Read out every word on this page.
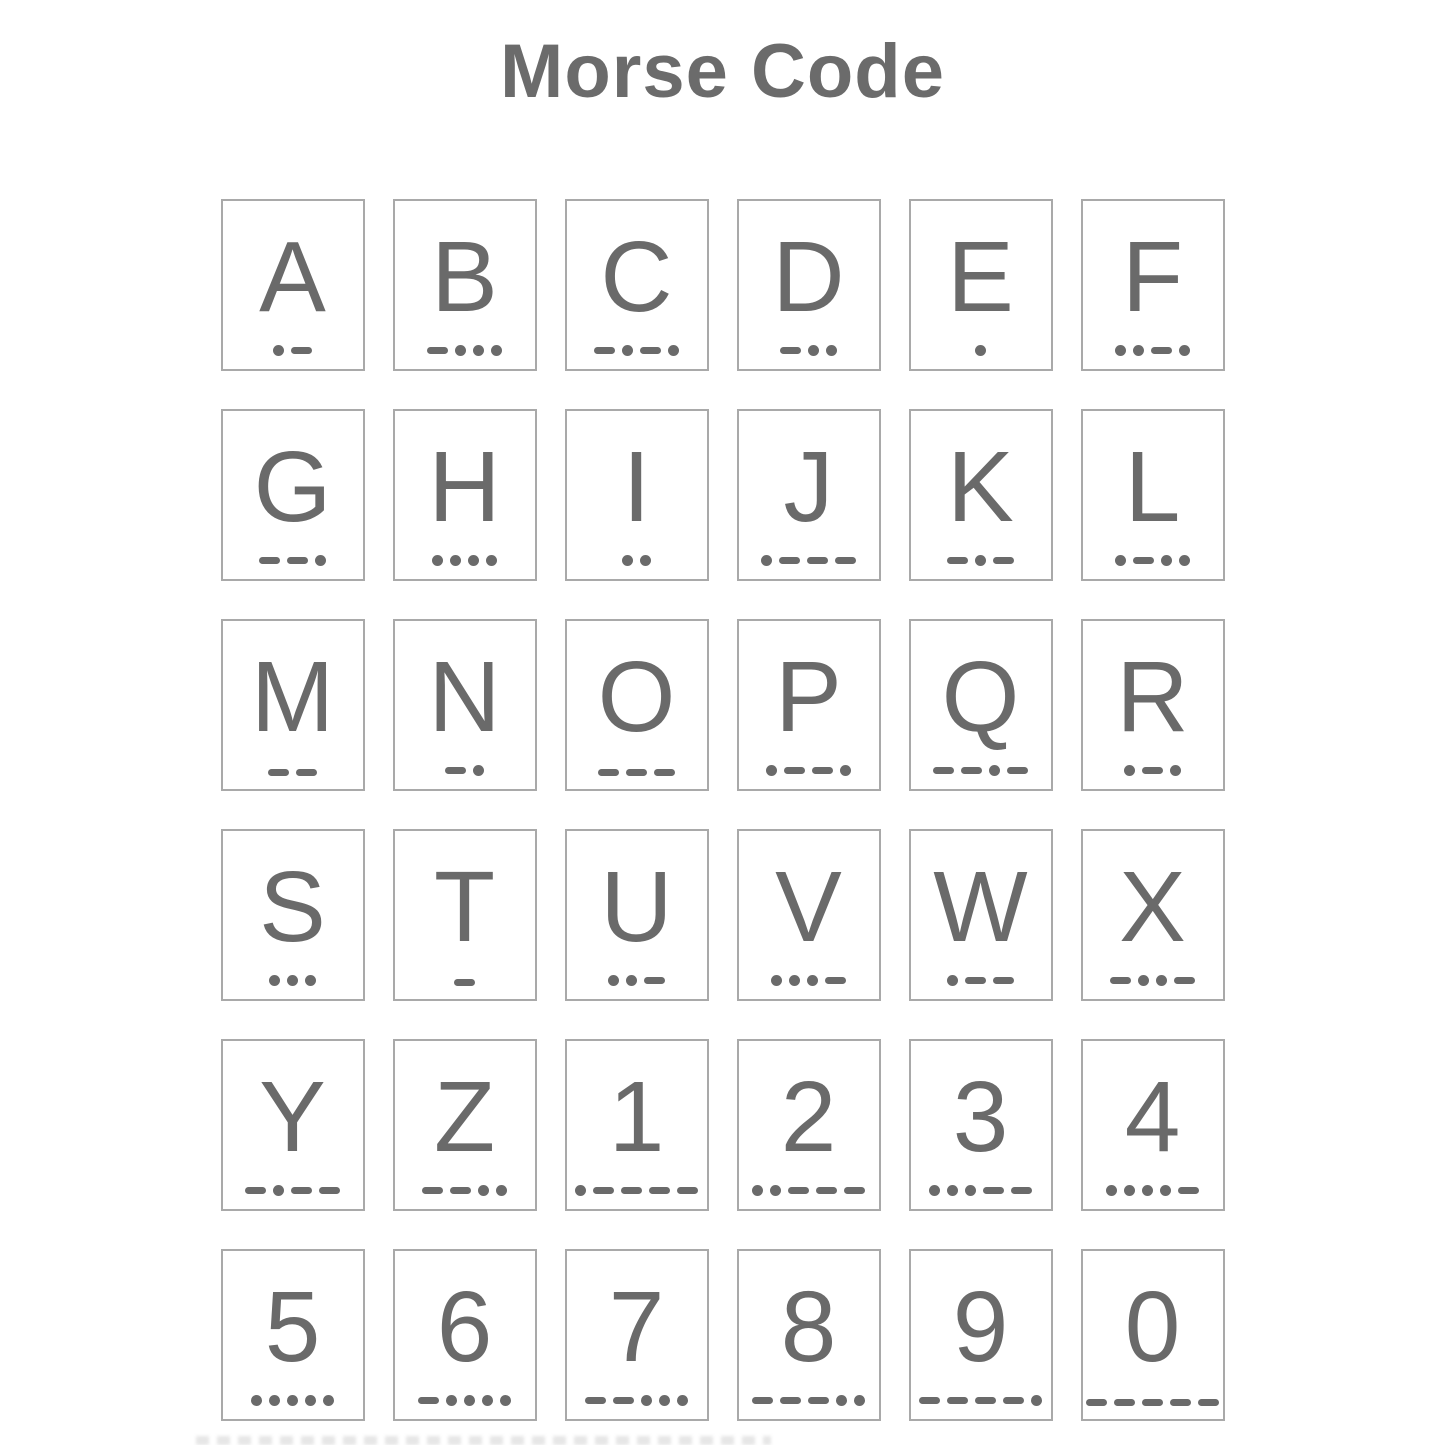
Morse Code
A	B	C D	E	F
G H	I	J	K	L
M N O P Q R
S	T	U	V W X
Y	Z	1	2	3	4
5	6	7	8	9	0
